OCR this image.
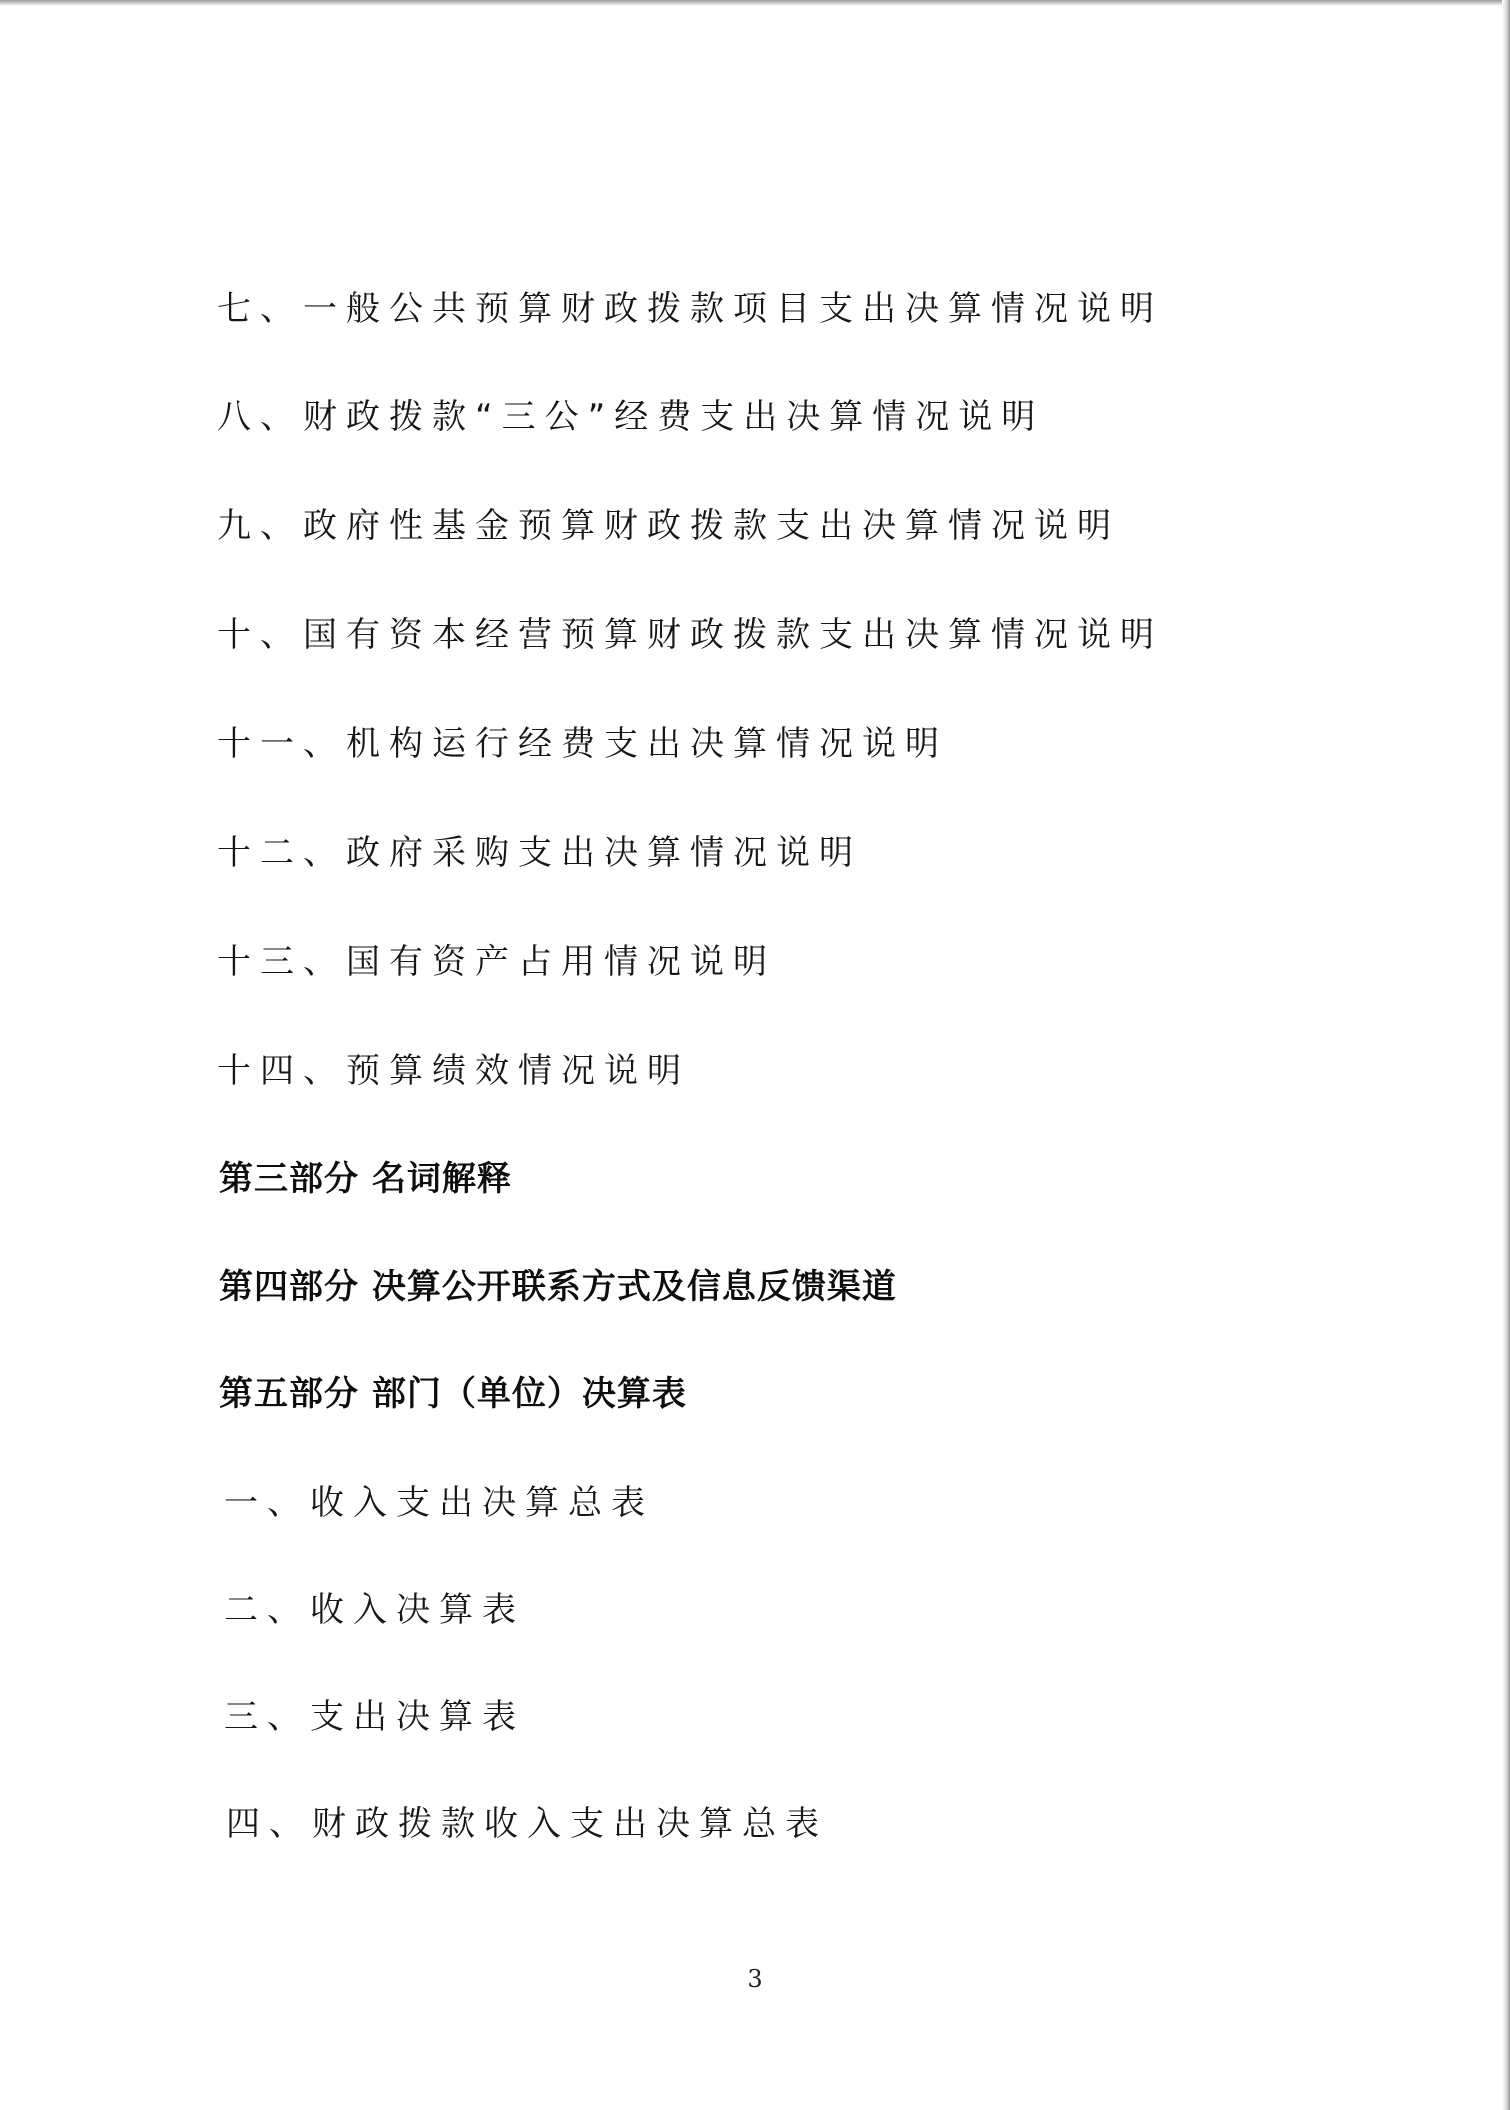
七、一般公共预算财政拨款项目支出决算情况说明

八、财政拨款“三公”经费支出决算情况说明

九、政府性基金预算财政拨款支出决算情况说明

十、国有资本经营预算财政拨款支出决算情况说明

十一、机构运行经费支出决算情况说明

十二、政府采购支出决算情况说明

十三、国有资产占用情况说明

十四、预算绩效情况说明

第三部分 名词解释
第四部分 决算公开联系方式及信息反馈渠道
第五部分 部门（单位）决算表

一、收入支出决算总表

二、收入决算表

三、支出决算表

四、财政拨款收入支出决算总表

3
